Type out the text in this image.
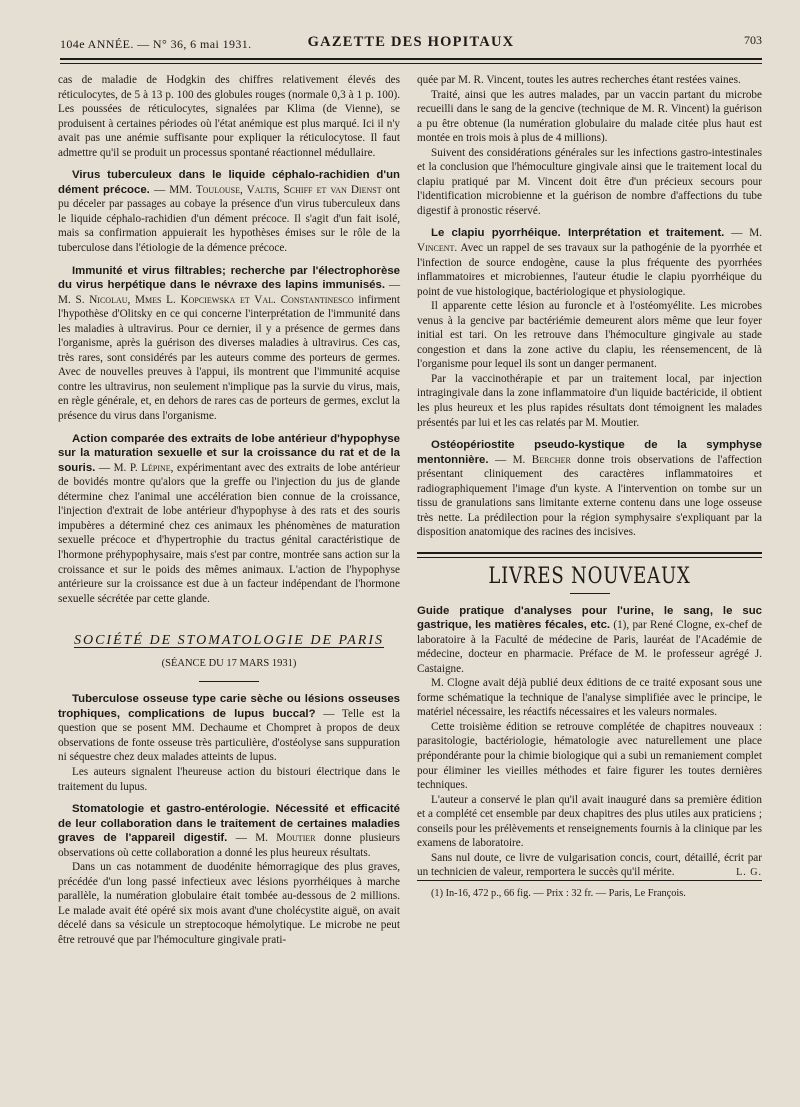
104e ANNÉE. — N° 36, 6 mai 1931.	GAZETTE DES HOPITAUX	703

cas de maladie de Hodgkin des chiffres relativement élevés des réticulocytes, de 5 à 13 p. 100 des globules rouges (normale 0,3 à 1 p. 100). Les poussées de réticulocytes, signalées par Klima (de Vienne), se produisent à certaines périodes où l'état anémique est plus marqué. Ici il n'y avait pas une anémie suffisante pour expliquer la réticulocytose. Il faut admettre qu'il se produit un processus spontané réactionnel médullaire.

Virus tuberculeux dans le liquide céphalo-rachidien d'un dément précoce. — MM. Toulouse, Valtis, Schiff et van Dienst ont pu déceler par passages au cobaye la présence d'un virus tuberculeux dans le liquide céphalo-rachidien d'un dément précoce. Il s'agit d'un fait isolé, mais sa confirmation appuierait les hypothèses émises sur le rôle de la tuberculose dans l'étiologie de la démence précoce.

Immunité et virus filtrables; recherche par l'électrophorèse du virus herpétique dans le névraxe des lapins immunisés. — M. S. Nicolau, Mmes L. Kopciewska et Val. Constantinesco infirment l'hypothèse d'Olitsky en ce qui concerne l'interprétation de l'immunité dans les maladies à ultravirus. Pour ce dernier, il y a présence de germes dans l'organisme, après la guérison des diverses maladies à ultravirus. Ces cas, très rares, sont considérés par les auteurs comme des porteurs de germes. Avec de nouvelles preuves à l'appui, ils montrent que l'immunité acquise contre les ultravirus, non seulement n'implique pas la survie du virus, mais, en règle générale, et, en dehors de rares cas de porteurs de germes, exclut la présence du virus dans l'organisme.

Action comparée des extraits de lobe antérieur d'hypophyse sur la maturation sexuelle et sur la croissance du rat et de la souris. — M. P. Lépine, expérimentant avec des extraits de lobe antérieur de bovidés montre qu'alors que la greffe ou l'injection du jus de glande détermine chez l'animal une accélération bien connue de la croissance, l'injection d'extrait de lobe antérieur d'hypophyse à des rats et des souris impubères a déterminé chez ces animaux les phénomènes de maturation sexuelle précoce et d'hypertrophie du tractus génital caractéristique de l'hormone préhypophysaire, mais s'est par contre, montrée sans action sur la croissance et sur le poids des mêmes animaux. L'action de l'hypophyse antérieure sur la croissance est due à un facteur indépendant de l'hormone sexuelle sécrétée par cette glande.

SOCIÉTÉ DE STOMATOLOGIE DE PARIS
(SÉANCE DU 17 MARS 1931)

Tuberculose osseuse type carie sèche ou lésions osseuses trophiques, complications de lupus buccal? — Telle est la question que se posent MM. Dechaume et Chompret à propos de deux observations de fonte osseuse très particulière, d'ostéolyse sans suppuration ni séquestre chez deux malades atteints de lupus.

Les auteurs signalent l'heureuse action du bistouri électrique dans le traitement du lupus.

Stomatologie et gastro-entérologie. Nécessité et efficacité de leur collaboration dans le traitement de certaines maladies graves de l'appareil digestif. — M. Moutier donne plusieurs observations où cette collaboration a donné les plus heureux résultats.

Dans un cas notamment de duodénite hémorragique des plus graves, précédée d'un long passé infectieux avec lésions pyorrhéiques à marche parallèle, la numération globulaire était tombée au-dessous de 2 millions. Le malade avait été opéré six mois avant d'une cholécystite aiguë, on avait décelé dans sa vésicule un streptocoque hémolytique. Le microbe ne peut être retrouvé que par l'hémoculture gingivale prati-

quée par M. R. Vincent, toutes les autres recherches étant restées vaines.

Traité, ainsi que les autres malades, par un vaccin partant du microbe recueilli dans le sang de la gencive (technique de M. R. Vincent) la guérison a pu être obtenue (la numération globulaire du malade citée plus haut est montée en trois mois à plus de 4 millions).

Suivent des considérations générales sur les infections gastro-intestinales et la conclusion que l'hémoculture gingivale ainsi que le traitement local du clapiu pratiqué par M. Vincent doit être d'un précieux secours pour l'identification microbienne et la guérison de nombre d'affections du tube digestif à pronostic réservé.

Le clapiu pyorrhéique. Interprétation et traitement. — M. Vincent. Avec un rappel de ses travaux sur la pathogénie de la pyorrhée et l'infection de source endogène, cause la plus fréquente des pyorrhées inflammatoires et microbiennes, l'auteur étudie le clapiu pyorrhéique du point de vue histologique, bactériologique et physiologique.

Il apparente cette lésion au furoncle et à l'ostéomyélite. Les microbes venus à la gencive par bactériémie demeurent alors même que leur foyer initial est tari. On les retrouve dans l'hémoculture gingivale au stade congestion et dans la zone active du clapiu, les réensemencent, de là l'organisme pour lequel ils sont un danger permanent.

Par la vaccinothérapie et par un traitement local, par injection intragingivale dans la zone inflammatoire d'un liquide bactéricide, il obtient les plus heureux et les plus rapides résultats dont témoignent les malades présentés par lui et les cas relatés par M. Moutier.

Ostéopériostite pseudo-kystique de la symphyse mentonnière. — M. Bercher donne trois observations de l'affection présentant cliniquement des caractères inflammatoires et radiographiquement l'image d'un kyste. A l'intervention on tombe sur un tissu de granulations sans limitante externe contenu dans une loge osseuse très nette. La prédilection pour la région symphysaire s'expliquant par la disposition anatomique des racines des incisives.

LIVRES NOUVEAUX

Guide pratique d'analyses pour l'urine, le sang, le suc gastrique, les matières fécales, etc. (1), par René Clogne, ex-chef de laboratoire à la Faculté de médecine de Paris, lauréat de l'Académie de médecine, docteur en pharmacie. Préface de M. le professeur agrégé J. Castaigne.

M. Clogne avait déjà publié deux éditions de ce traité exposant sous une forme schématique la technique de l'analyse simplifiée avec le principe, le matériel nécessaire, les réactifs nécessaires et les valeurs normales.

Cette troisième édition se retrouve complétée de chapitres nouveaux : parasitologie, bactériologie, hématologie avec naturellement une place prépondérante pour la chimie biologique qui a subi un remaniement complet pour éliminer les vieilles méthodes et faire figurer les toutes dernières techniques.

L'auteur a conservé le plan qu'il avait inauguré dans sa première édition et a complété cet ensemble par deux chapitres des plus utiles aux praticiens ; conseils pour les prélèvements et renseignements fournis à la clinique par les examens de laboratoire.

Sans nul doute, ce livre de vulgarisation concis, court, détaillé, écrit par un technicien de valeur, remportera le succès qu'il mérite.	L. G.

(1) In-16, 472 p., 66 fig. — Prix : 32 fr. — Paris, Le François.
